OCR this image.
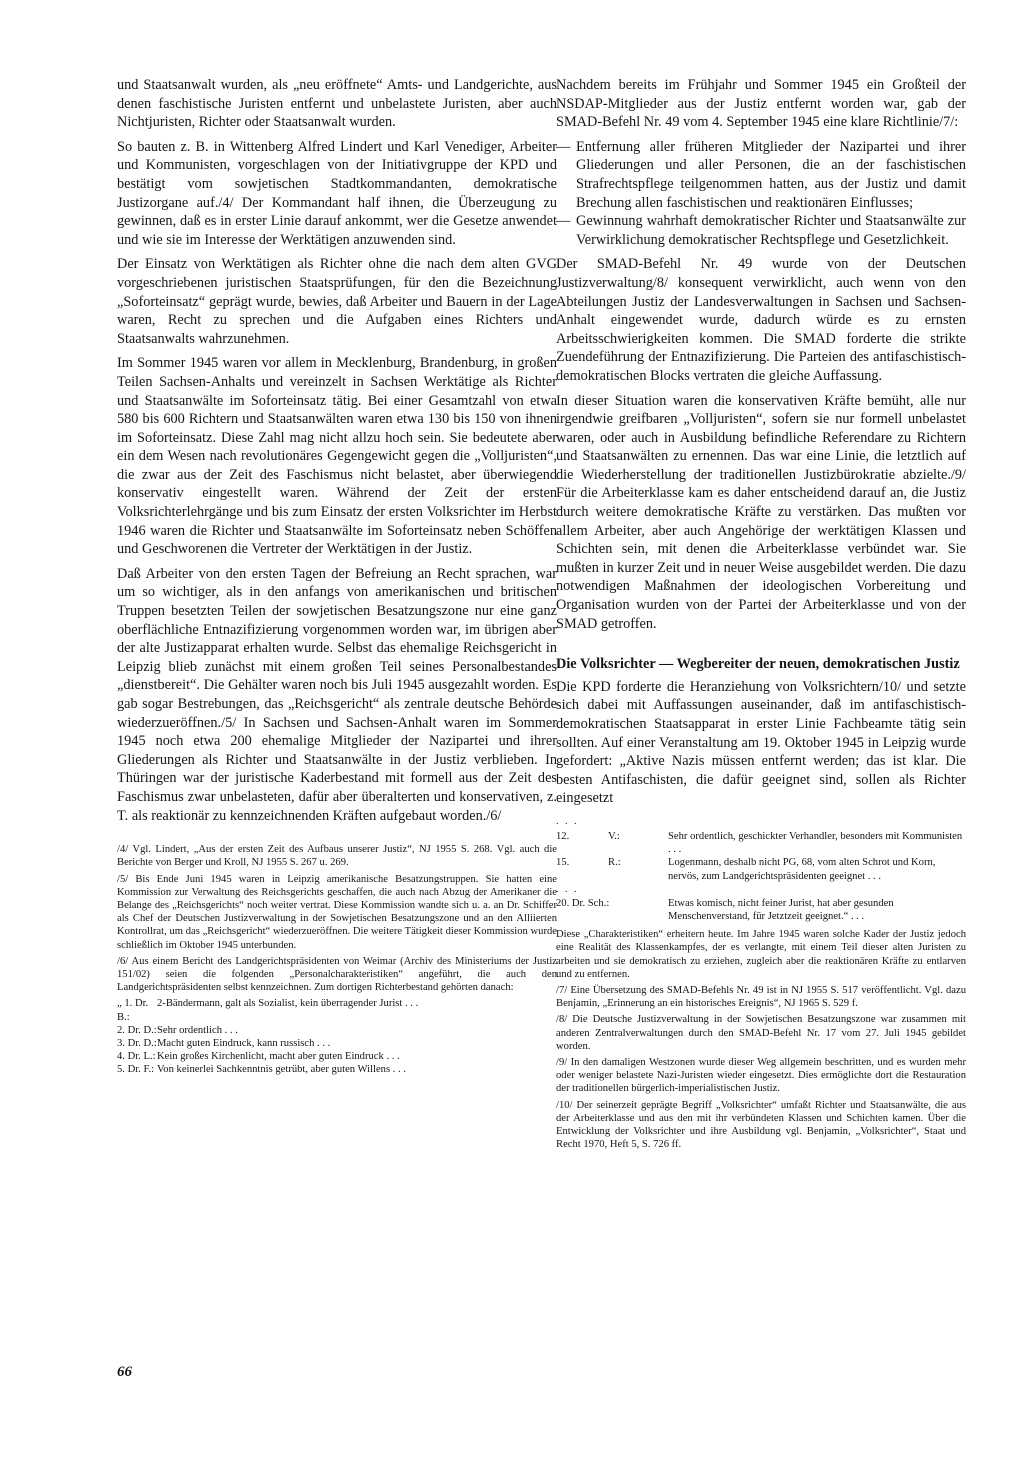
und Staatsanwalt wurden, als „neu eröffnete“ Amts- und Landgerichte, aus denen faschistische Juristen entfernt und unbelastete Juristen, aber auch Nichtjuristen, Richter oder Staatsanwalt wurden.

So bauten z. B. in Wittenberg Alfred Lindert und Karl Venediger, Arbeiter und Kommunisten, vorgeschlagen von der Initiativgruppe der KPD und bestätigt vom sowjetischen Stadtkommandanten, demokratische Justizorgane auf./4/ Der Kommandant half ihnen, die Überzeugung zu gewinnen, daß es in erster Linie darauf ankommt, wer die Gesetze anwendet und wie sie im Interesse der Werktätigen anzuwenden sind.

Der Einsatz von Werktätigen als Richter ohne die nach dem alten GVG vorgeschriebenen juristischen Staatsprüfungen, für den die Bezeichnung „Soforteinsatz“ geprägt wurde, bewies, daß Arbeiter und Bauern in der Lage waren, Recht zu sprechen und die Aufgaben eines Richters und Staatsanwalts wahrzunehmen.

Im Sommer 1945 waren vor allem in Mecklenburg, Brandenburg, in großen Teilen Sachsen-Anhalts und vereinzelt in Sachsen Werktätige als Richter und Staatsanwälte im Soforteinsatz tätig. Bei einer Gesamtzahl von etwa 580 bis 600 Richtern und Staatsanwälten waren etwa 130 bis 150 von ihnen im Soforteinsatz. Diese Zahl mag nicht allzu hoch sein. Sie bedeutete aber ein dem Wesen nach revolutionäres Gegengewicht gegen die „Volljuristen“, die zwar aus der Zeit des Faschismus nicht belastet, aber überwiegend konservativ eingestellt waren. Während der Zeit der ersten Volksrichterlehrgänge und bis zum Einsatz der ersten Volksrichter im Herbst 1946 waren die Richter und Staatsanwälte im Soforteinsatz neben Schöffen und Geschworenen die Vertreter der Werktätigen in der Justiz.

Daß Arbeiter von den ersten Tagen der Befreiung an Recht sprachen, war um so wichtiger, als in den anfangs von amerikanischen und britischen Truppen besetzten Teilen der sowjetischen Besatzungszone nur eine ganz oberflächliche Entnazifizierung vorgenommen worden war, im übrigen aber der alte Justizapparat erhalten wurde. Selbst das ehemalige Reichsgericht in Leipzig blieb zunächst mit einem großen Teil seines Personalbestandes „dienstbereit“. Die Gehälter waren noch bis Juli 1945 ausgezahlt worden. Es gab sogar Bestrebungen, das „Reichsgericht“ als zentrale deutsche Behörde wiederzueröffnen./5/ In Sachsen und Sachsen-Anhalt waren im Sommer 1945 noch etwa 200 ehemalige Mitglieder der Nazipartei und ihrer Gliederungen als Richter und Staatsanwälte in der Justiz verblieben. In Thüringen war der juristische Kaderbestand mit formell aus der Zeit des Faschismus zwar unbelasteten, dafür aber überalterten und konservativen, z. T. als reaktionär zu kennzeichnenden Kräften aufgebaut worden./6/

/4/ Vgl. Lindert, „Aus der ersten Zeit des Aufbaus unserer Justiz“, NJ 1955 S. 268. Vgl. auch die Berichte von Berger und Kroll, NJ 1955 S. 267 u. 269.

/5/ Bis Ende Juni 1945 waren in Leipzig amerikanische Besatzungstruppen. Sie hatten eine Kommission zur Verwaltung des Reichsgerichts geschaffen, die auch nach Abzug der Amerikaner die Belange des „Reichsgerichts“ noch weiter vertrat. Diese Kommission wandte sich u. a. an Dr. Schiffer als Chef der Deutschen Justizverwaltung in der Sowjetischen Besatzungszone und an den Alliierten Kontrollrat, um das „Reichsgericht“ wiederzueröffnen. Die weitere Tätigkeit dieser Kommission wurde schließlich im Oktober 1945 unterbunden.

/6/ Aus einem Bericht des Landgerichtspräsidenten von Weimar (Archiv des Ministeriums der Justiz 151/02) seien die folgenden „Personalcharakteristiken“ angeführt, die auch den Landgerichtspräsidenten selbst kennzeichnen. Zum dortigen Richterbestand gehörten danach:

„ 1. Dr. B.:
2-Bändermann, galt als Sozialist, kein überragender Jurist . . .
2. Dr. D.: Sehr ordentlich . . .
3. Dr. D.: Macht guten Eindruck, kann russisch . . .
4. Dr. L.: Kein großes Kirchenlicht, macht aber guten Eindruck . . .
5. Dr. F.: Von keinerlei Sachkenntnis getrübt, aber guten Willens . . .

Nachdem bereits im Frühjahr und Sommer 1945 ein Großteil der NSDAP-Mitglieder aus der Justiz entfernt worden war, gab der SMAD-Befehl Nr. 49 vom 4. September 1945 eine klare Richtlinie/7/:

— Entfernung aller früheren Mitglieder der Nazipartei und ihrer Gliederungen und aller Personen, die an der faschistischen Strafrechtspflege teilgenommen hatten, aus der Justiz und damit Brechung allen faschistischen und reaktionären Einflusses;
— Gewinnung wahrhaft demokratischer Richter und Staatsanwälte zur Verwirklichung demokratischer Rechtspflege und Gesetzlichkeit.

Der SMAD-Befehl Nr. 49 wurde von der Deutschen Justizverwaltung/8/ konsequent verwirklicht, auch wenn von den Abteilungen Justiz der Landesverwaltungen in Sachsen und Sachsen-Anhalt eingewendet wurde, dadurch würde es zu ernsten Arbeitsschwierigkeiten kommen. Die SMAD forderte die strikte Zuendeführung der Entnazifizierung. Die Parteien des antifaschistisch-demokratischen Blocks vertraten die gleiche Auffassung.

In dieser Situation waren die konservativen Kräfte bemüht, alle nur irgendwie greifbaren „Volljuristen“, sofern sie nur formell unbelastet waren, oder auch in Ausbildung befindliche Referendare zu Richtern und Staatsanwälten zu ernennen. Das war eine Linie, die letztlich auf die Wiederherstellung der traditionellen Justizbürokratie abzielte./9/ Für die Arbeiterklasse kam es daher entscheidend darauf an, die Justiz durch weitere demokratische Kräfte zu verstärken. Das mußten vor allem Arbeiter, aber auch Angehörige der werktätigen Klassen und Schichten sein, mit denen die Arbeiterklasse verbündet war. Sie mußten in kurzer Zeit und in neuer Weise ausgebildet werden. Die dazu notwendigen Maßnahmen der ideologischen Vorbereitung und Organisation wurden von der Partei der Arbeiterklasse und von der SMAD getroffen.

Die Volksrichter — Wegbereiter der neuen, demokratischen Justiz

Die KPD forderte die Heranziehung von Volksrichtern/10/ und setzte sich dabei mit Auffassungen auseinander, daß im antifaschistisch-demokratischen Staatsapparat in erster Linie Fachbeamte tätig sein sollten. Auf einer Veranstaltung am 19. Oktober 1945 in Leipzig wurde gefordert: „Aktive Nazis müssen entfernt werden; das ist klar. Die besten Antifaschisten, die dafür geeignet sind, sollen als Richter eingesetzt

. . .
12.	V.:	Sehr ordentlich, geschickter Verhandler, besonders mit Kommunisten . . .
15.	R.:	Logenmann, deshalb nicht PG, 68, vom alten Schrot und Korn, nervös, zum Landgerichtspräsidenten geeignet . . .
. . .
20. Dr. Sch.:	Etwas komisch, nicht feiner Jurist, hat aber gesunden Menschenverstand, für Jetztzeit geeignet.“ . . .

Diese „Charakteristiken“ erheitern heute. Im Jahre 1945 waren solche Kader der Justiz jedoch eine Realität des Klassenkampfes, der es verlangte, mit einem Teil dieser alten Juristen zu arbeiten und sie demokratisch zu erziehen, zugleich aber die reaktionären Kräfte zu entlarven und zu entfernen.

/7/ Eine Übersetzung des SMAD-Befehls Nr. 49 ist in NJ 1955 S. 517 veröffentlicht. Vgl. dazu Benjamin, „Erinnerung an ein historisches Ereignis“, NJ 1965 S. 529 f.

/8/ Die Deutsche Justizverwaltung in der Sowjetischen Besatzungszone war zusammen mit anderen Zentralverwaltungen durch den SMAD-Befehl Nr. 17 vom 27. Juli 1945 gebildet worden.

/9/ In den damaligen Westzonen wurde dieser Weg allgemein beschritten, und es wurden mehr oder weniger belastete Nazi-Juristen wieder eingesetzt. Dies ermöglichte dort die Restauration der traditionellen bürgerlich-imperialistischen Justiz.

/10/ Der seinerzeit geprägte Begriff „Volksrichter“ umfaßt Richter und Staatsanwälte, die aus der Arbeiterklasse und aus den mit ihr verbündeten Klassen und Schichten kamen. Über die Entwicklung der Volksrichter und ihre Ausbildung vgl. Benjamin, „Volksrichter“, Staat und Recht 1970, Heft 5, S. 726 ff.

66
